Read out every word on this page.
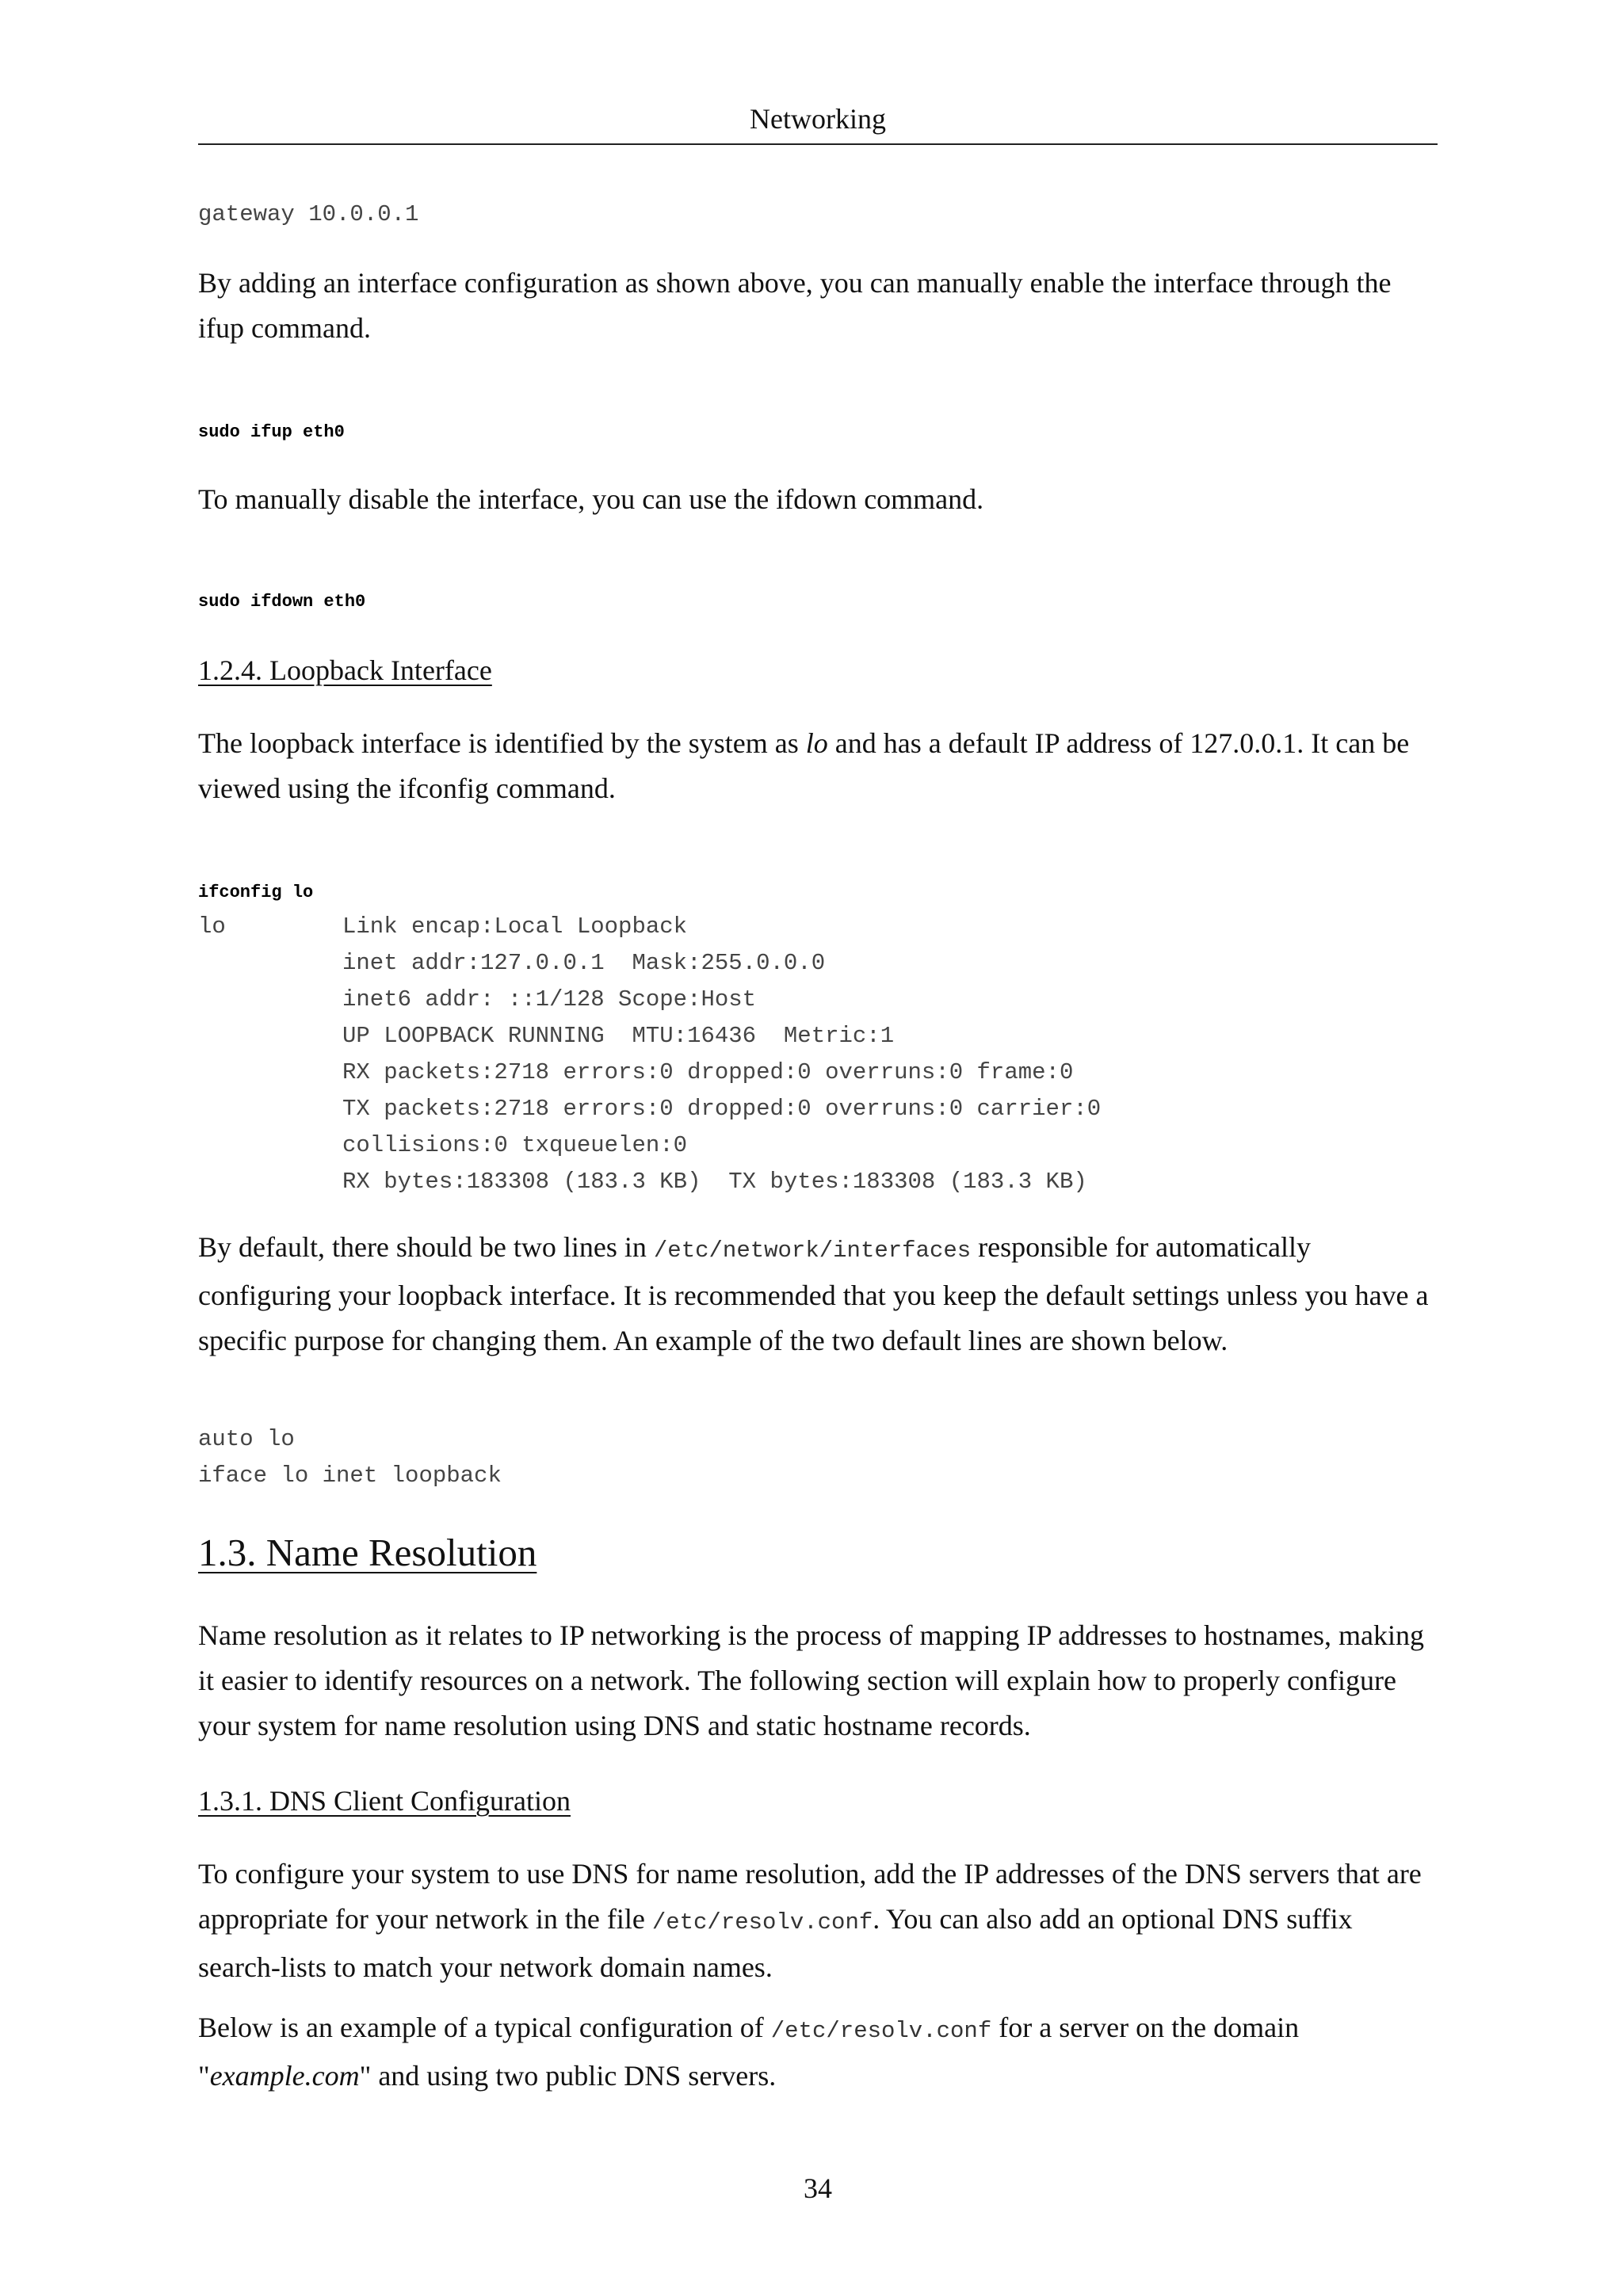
Networking
gateway 10.0.0.1

By adding an interface configuration as shown above, you can manually enable the interface through the ifup command.

sudo ifup eth0

To manually disable the interface, you can use the ifdown command.

sudo ifdown eth0
1.2.4. Loopback Interface

The loopback interface is identified by the system as lo and has a default IP address of 127.0.0.1. It can be viewed using the ifconfig command.

ifconfig lo
lo	Link encap:Local Loopback
inet addr:127.0.0.1  Mask:255.0.0.0
inet6 addr: ::1/128 Scope:Host
UP LOOPBACK RUNNING  MTU:16436  Metric:1
RX packets:2718 errors:0 dropped:0 overruns:0 frame:0
TX packets:2718 errors:0 dropped:0 overruns:0 carrier:0
collisions:0 txqueuelen:0
RX bytes:183308 (183.3 KB)  TX bytes:183308 (183.3 KB)

By default, there should be two lines in /etc/network/interfaces responsible for automatically configuring your loopback interface. It is recommended that you keep the default settings unless you have a specific purpose for changing them. An example of the two default lines are shown below.

auto lo
iface lo inet loopback
1.3. Name Resolution

Name resolution as it relates to IP networking is the process of mapping IP addresses to hostnames, making it easier to identify resources on a network. The following section will explain how to properly configure your system for name resolution using DNS and static hostname records.

1.3.1. DNS Client Configuration

To configure your system to use DNS for name resolution, add the IP addresses of the DNS servers that are appropriate for your network in the file /etc/resolv.conf. You can also add an optional DNS suffix search-lists to match your network domain names.

Below is an example of a typical configuration of /etc/resolv.conf for a server on the domain "example.com" and using two public DNS servers.

34
